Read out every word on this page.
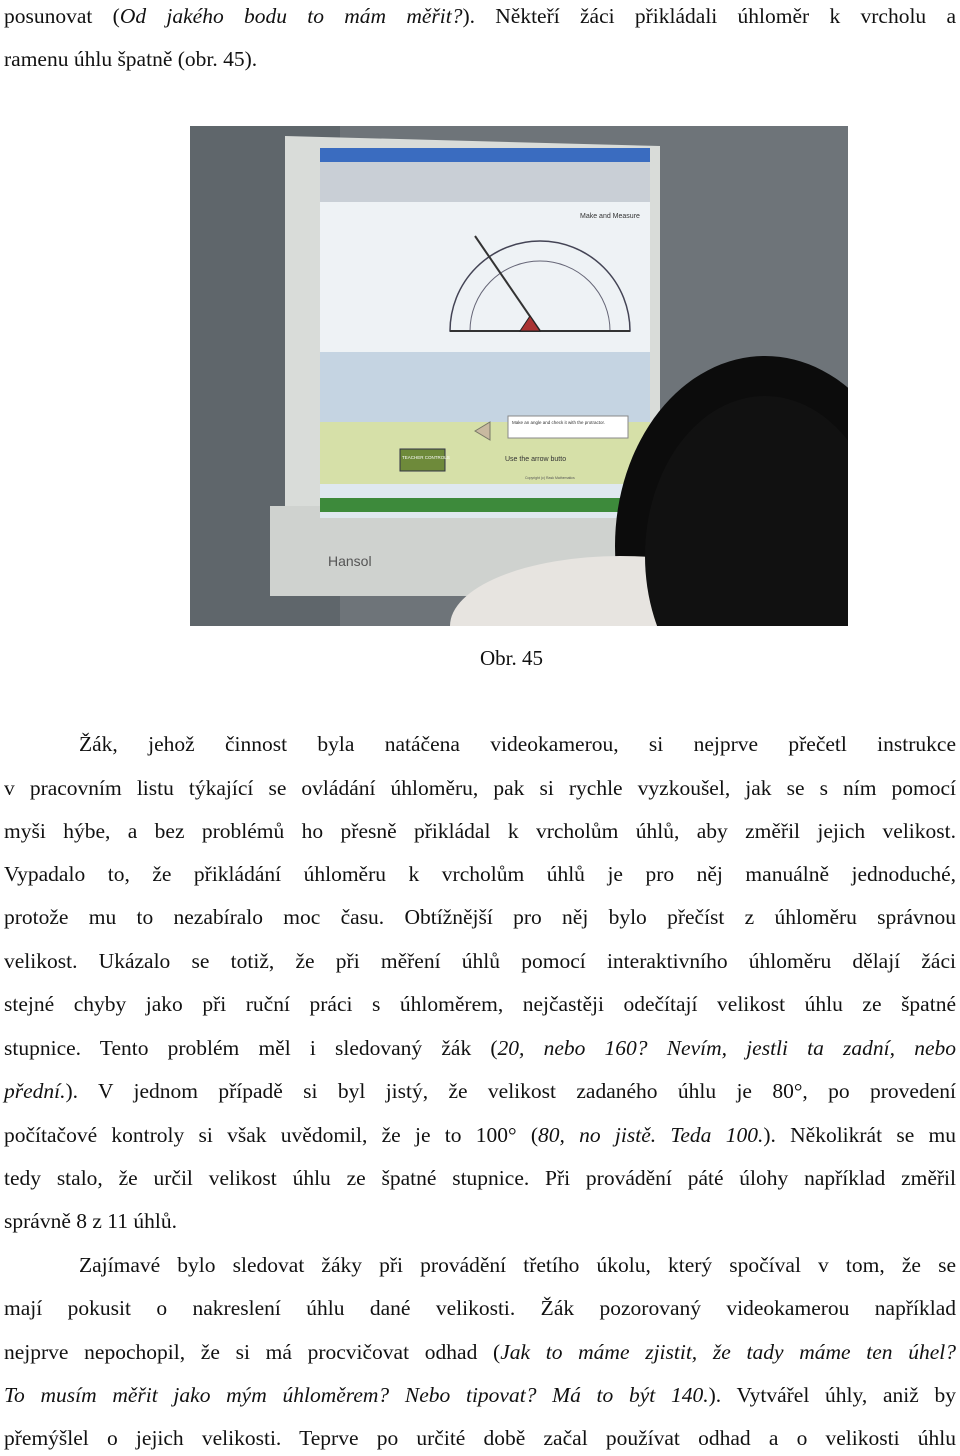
posunovat (Od jakého bodu to mám měřit?). Někteří žáci přikládali úhloměr k vrcholu a
ramenu úhlu špatně (obr. 45).
Hansol
Make and Measure
Make an angle and check it with the protractor.
TEACHER CONTROLS	Use the arrow butto
Copyright (c) Rask Mathematics
Obr. 45
Žák, jehož činnost byla natáčena videokamerou, si nejprve přečetl instrukce
v pracovním listu týkající se ovládání úhloměru, pak si rychle vyzkoušel, jak se s ním pomocí
myši hýbe, a bez problémů ho přesně přikládal k vrcholům úhlů, aby změřil jejich velikost.
Vypadalo to, že přikládání úhloměru k vrcholům úhlů je pro něj manuálně jednoduché,
protože mu to nezabíralo moc času. Obtížnější pro něj bylo přečíst z úhloměru správnou
velikost. Ukázalo se totiž, že při měření úhlů pomocí interaktivního úhloměru dělají žáci
stejné chyby jako při ruční práci s úhloměrem, nejčastěji odečítají velikost úhlu ze špatné
stupnice. Tento problém měl i sledovaný žák (20, nebo 160? Nevím, jestli ta zadní, nebo
přední.). V jednom případě si byl jistý, že velikost zadaného úhlu je 80°, po provedení
počítačové kontroly si však uvědomil, že je to 100° (80, no jistě. Teda 100.). Několikrát se mu
tedy stalo, že určil velikost úhlu ze špatné stupnice. Při provádění páté úlohy například změřil
správně 8 z 11 úhlů.
Zajímavé bylo sledovat žáky při provádění třetího úkolu, který spočíval v tom, že se
mají pokusit o nakreslení úhlu dané velikosti. Žák pozorovaný videokamerou například
nejprve nepochopil, že si má procvičovat odhad (Jak to máme zjistit, že tady máme ten úhel?
To musím měřit jako mým úhloměrem? Nebo tipovat? Má to být 140.). Vytvářel úhly, aniž by
přemýšlel o jejich velikosti. Teprve po určité době začal používat odhad a o velikosti úhlu
